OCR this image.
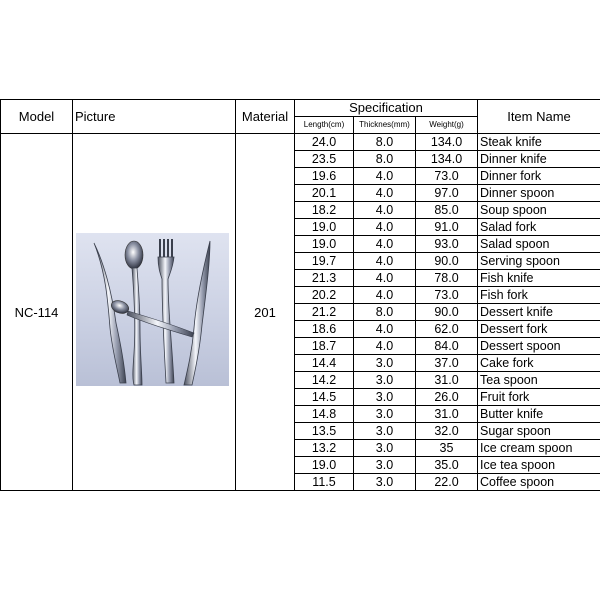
Model	Picture	Material	Specification			Item Name
			Length(cm)	Thicknes(mm)	Weight(g)	
NC-114		201	24.0	8.0	134.0	Steak knife
			23.5	8.0	134.0	Dinner knife
			19.6	4.0	73.0	Dinner fork
			20.1	4.0	97.0	Dinner spoon
			18.2	4.0	85.0	Soup spoon
			19.0	4.0	91.0	Salad fork
			19.0	4.0	93.0	Salad spoon
			19.7	4.0	90.0	Serving spoon
			21.3	4.0	78.0	Fish knife
			20.2	4.0	73.0	Fish fork
			21.2	8.0	90.0	Dessert knife
			18.6	4.0	62.0	Dessert fork
			18.7	4.0	84.0	Dessert spoon
			14.4	3.0	37.0	Cake fork
			14.2	3.0	31.0	Tea spoon
			14.5	3.0	26.0	Fruit fork
			14.8	3.0	31.0	Butter knife
			13.5	3.0	32.0	Sugar spoon
			13.2	3.0	35	Ice cream spoon
			19.0	3.0	35.0	Ice tea spoon
			11.5	3.0	22.0	Coffee spoon
